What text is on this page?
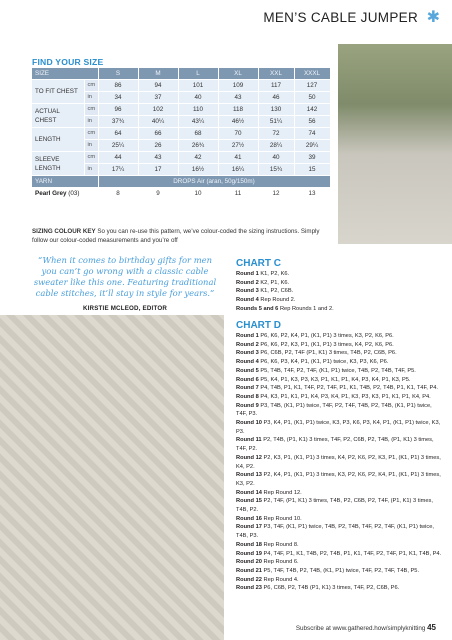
MEN’S CABLE JUMPER ✱
FIND YOUR SIZE
SIZE		S	M	L	XL	XXL	XXXL
TO FIT CHEST	cm	86	94	101	109	117	127
	in	34	37	40	43	46	50
ACTUAL CHEST	cm	96	102	110	118	130	142
	in	37¾	40¼	43¼	46½	51¼	56
LENGTH	cm	64	66	68	70	72	74
	in	25¼	26	26¾	27½	28¼	29¼
SLEEVE LENGTH	cm	44	43	42	41	40	39
	in	17¼	17	16½	16¼	15¾	15
YARN		DROPS Air (aran, 50g/150m)					
Pearl Grey (03)		8	9	10	11	12	13
SIZING COLOUR KEY So you can re-use this pattern, we’ve colour-coded the sizing instructions. Simply follow our colour-coded measurements and you’re off
“When it comes to birthday gifts for men you can’t go wrong with a classic cable sweater like this one. Featuring traditional cable stitches, it’ll stay in style for years.”
KIRSTIE MCLEOD, EDITOR
CHART C

Round 1 K1, P2, K6.

Round 2 K2, P1, K6.

Round 3 K1, P2, C6B.

Round 4 Rep Round 2.

Rounds 5 and 6 Rep Rounds 1 and 2.

CHART D

Round 1 P6, K6, P2, K4, P1, (K1, P1) 3 times, K3, P2, K6, P6.

Round 2 P6, K6, P2, K3, P1, (K1, P1) 3 times, K4, P2, K6, P6.

Round 3 P6, C6B, P2, T4F (P1, K1) 3 times, T4B, P2, C6B, P6.

Round 4 P6, K6, P3, K4, P1, (K1, P1) twice, K3, P3, K6, P6.

Round 5 P5, T4B, T4F, P2, T4F, (K1, P1) twice, T4B, P2, T4B, T4F, P5.

Round 6 P5, K4, P1, K3, P3, K3, P1, K1, P1, K4, P3, K4, P1, K3, P5.

Round 7 P4, T4B, P1, K1, T4F, P2, T4F, P1, K1, T4B, P2, T4B, P1, K1, T4F, P4.

Round 8 P4, K3, P1, K1, P1, K4, P3, K4, P1, K3, P3, K3, P1, K1, P1, K4, P4.

Round 9 P3, T4B, (K1, P1) twice, T4F, P2, T4F, T4B, P2, T4B, (K1, P1) twice, T4F, P3.

Round 10 P3, K4, P1, (K1, P1) twice, K3, P3, K6, P3, K4, P1, (K1, P1) twice, K3, P3.

Round 11 P2, T4B, (P1, K1) 3 times, T4F, P2, C6B, P2, T4B, (P1, K1) 3 times, T4F, P2.

Round 12 P2, K3, P1, (K1, P1) 3 times, K4, P2, K6, P2, K3, P1, (K1, P1) 3 times, K4, P2.

Round 13 P2, K4, P1, (K1, P1) 3 times, K3, P2, K6, P2, K4, P1, (K1, P1) 3 times, K3, P2.

Round 14 Rep Round 12.

Round 15 P2, T4F, (P1, K1) 3 times, T4B, P2, C6B, P2, T4F, (P1, K1) 3 times, T4B, P2.

Round 16 Rep Round 10.

Round 17 P3, T4F, (K1, P1) twice, T4B, P2, T4B, T4F, P2, T4F, (K1, P1) twice, T4B, P3.

Round 18 Rep Round 8.

Round 19 P4, T4F, P1, K1, T4B, P2, T4B, P1, K1, T4F, P2, T4F, P1, K1, T4B, P4.

Round 20 Rep Round 6.

Round 21 P5, T4F, T4B, P2, T4B, (K1, P1) twice, T4F, P2, T4F, T4B, P5.

Round 22 Rep Round 4.

Round 23 P6, C6B, P2, T4B (P1, K1) 3 times, T4F, P2, C6B, P6.

Subscribe at www.gathered.how/simplyknitting 45
